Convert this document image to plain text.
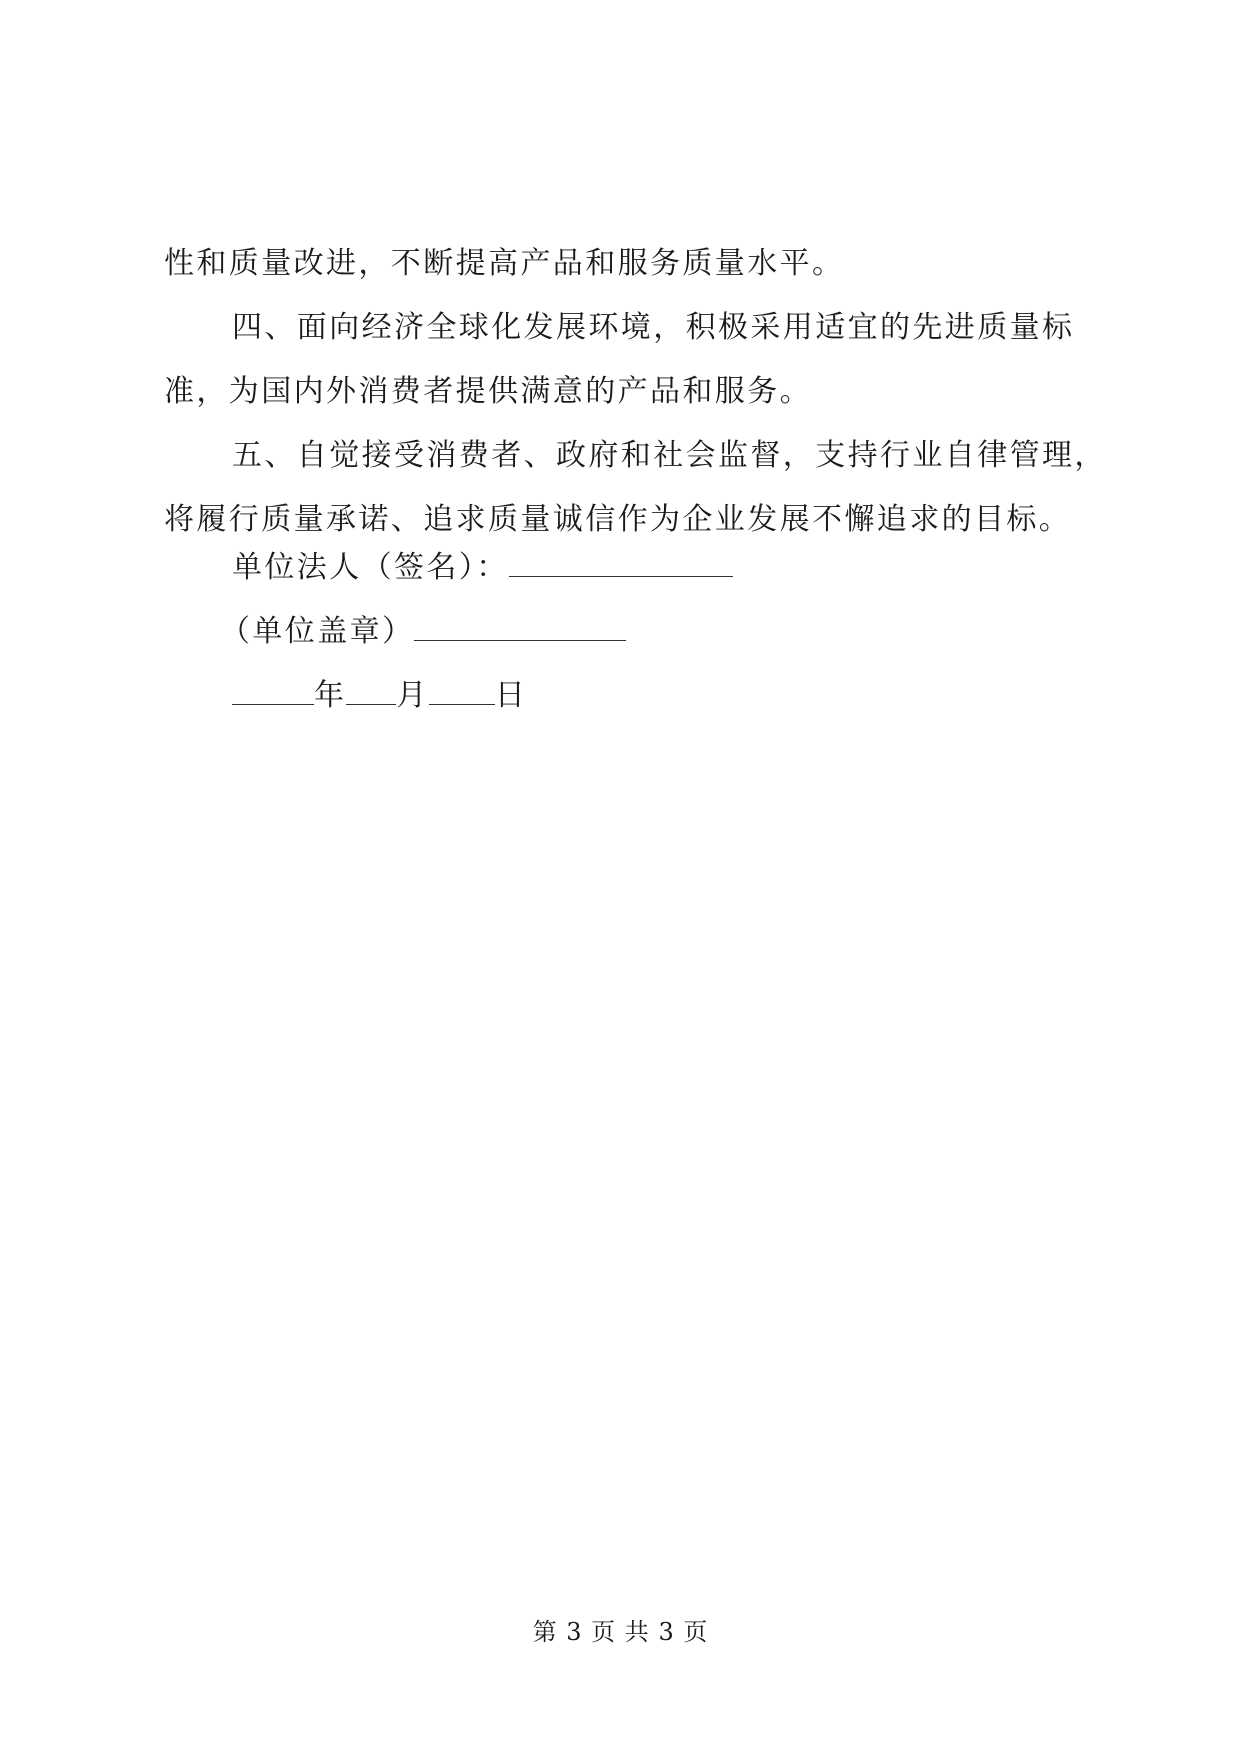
性和质量改进，不断提高产品和服务质量水平。

四、面向经济全球化发展环境，积极采用适宜的先进质量标

准，为国内外消费者提供满意的产品和服务。

五、自觉接受消费者、政府和社会监督，支持行业自律管理，

将履行质量承诺、追求质量诚信作为企业发展不懈追求的目标。

单位法人（签名）：

（单位盖章）

年 月 日

第 3 页 共 3 页
